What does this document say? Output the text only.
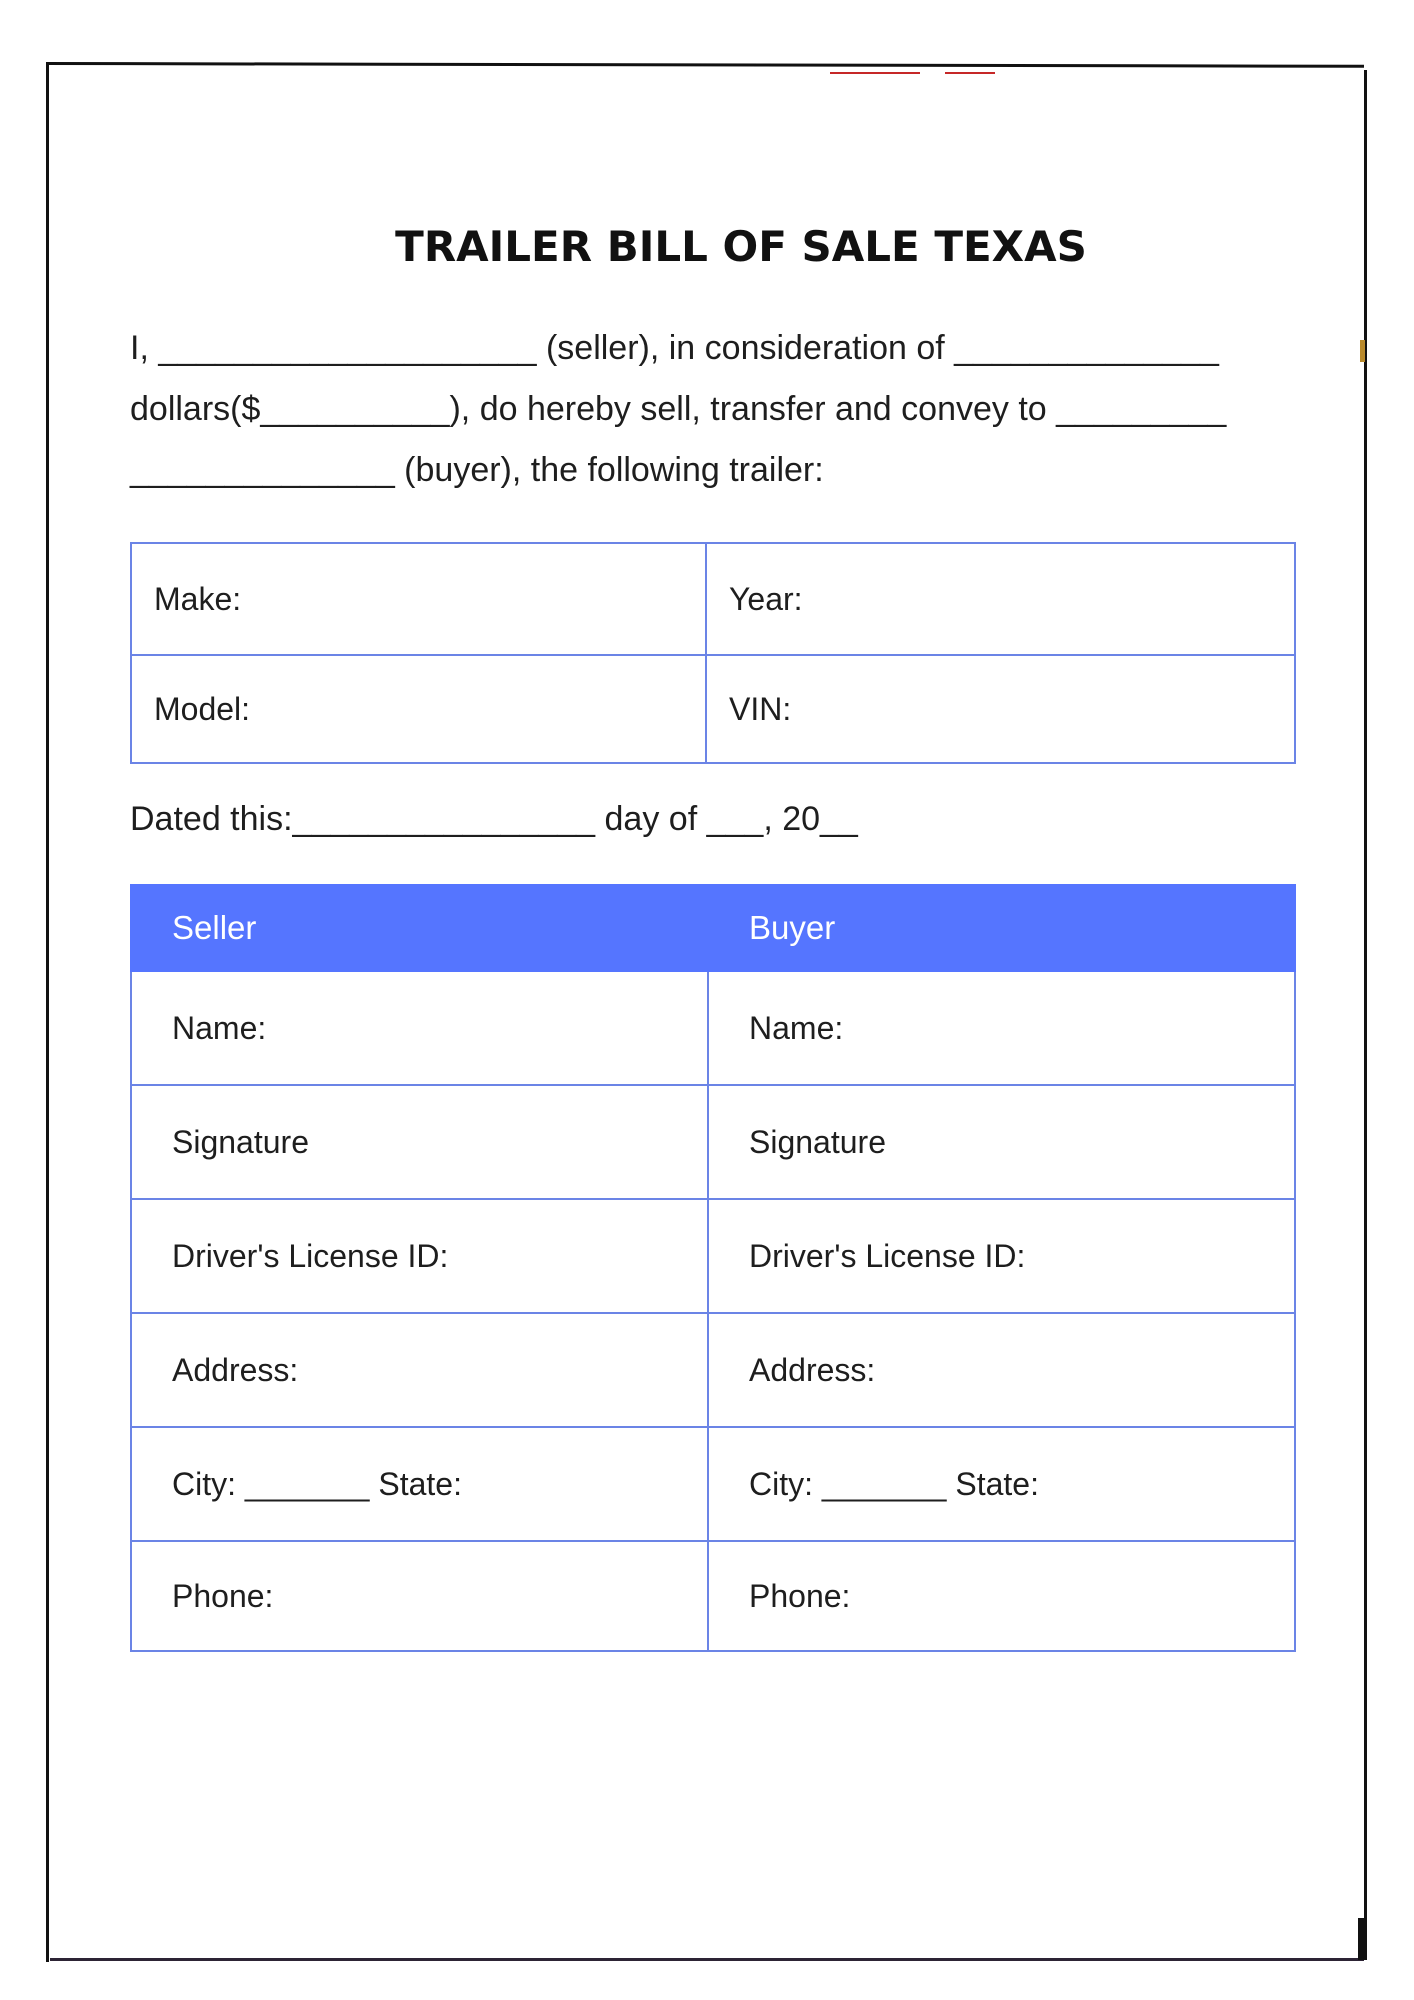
TRAILER BILL OF SALE TEXAS
I, ____________________ (seller), in consideration of ______________
dollars($__________), do hereby sell, transfer and convey to _________
______________ (buyer), the following trailer:
Make:	Year:
Model:	VIN:
Dated this:________________ day of ___, 20__
Seller	Buyer
Name:	Name:
Signature	Signature
Driver's License ID:	Driver's License ID:
Address:	Address:
City: _______ State:	City: _______ State:
Phone:	Phone:
